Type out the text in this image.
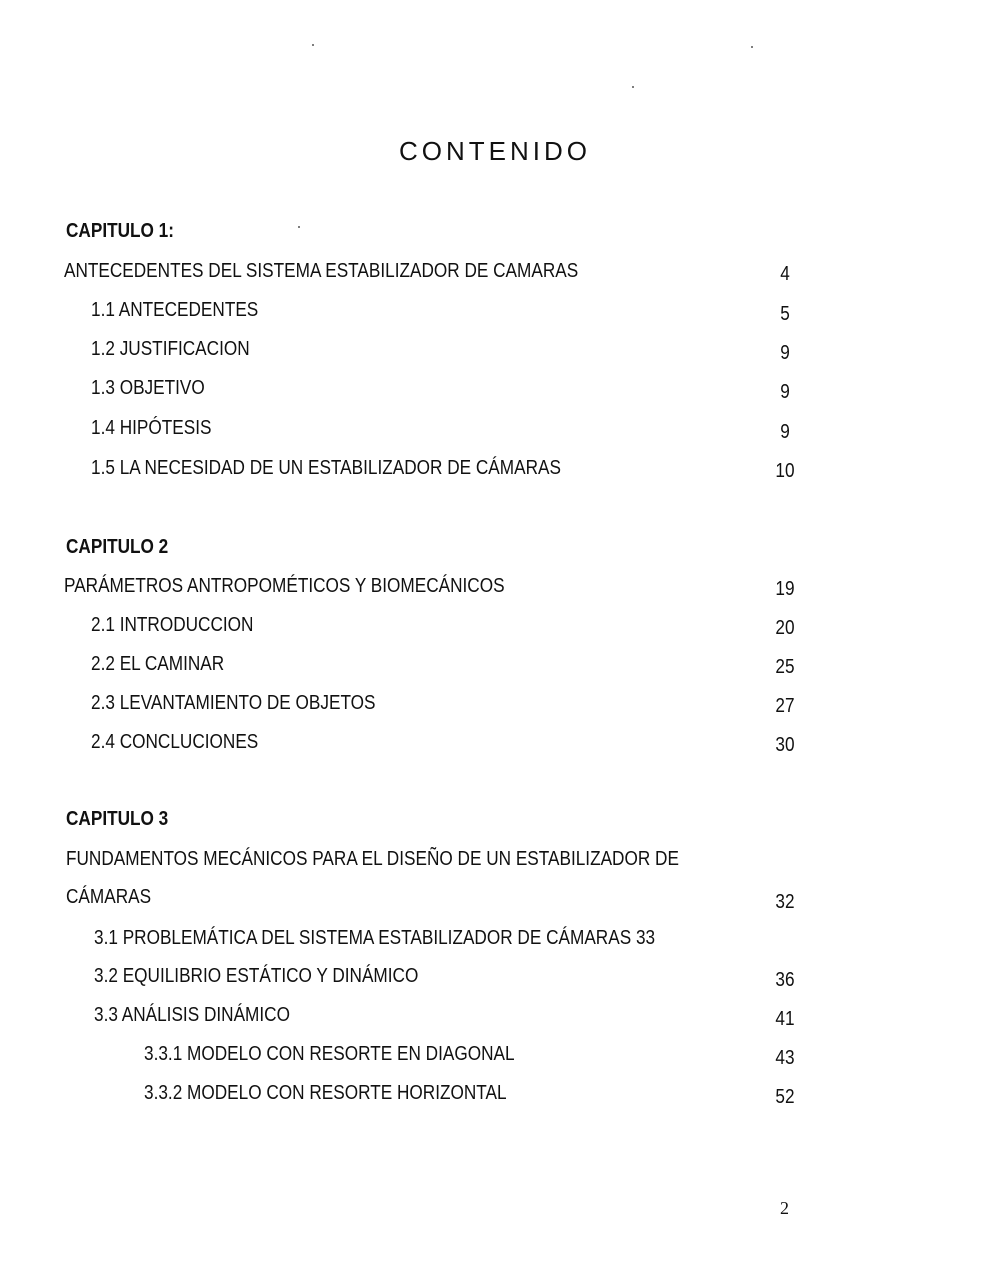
CONTENIDO
CAPITULO 1:
ANTECEDENTES DEL SISTEMA ESTABILIZADOR DE CAMARAS	4
1.1 ANTECEDENTES	5
1.2 JUSTIFICACION	9
1.3 OBJETIVO	9
1.4 HIPÓTESIS	9
1.5 LA NECESIDAD DE UN ESTABILIZADOR DE CÁMARAS	10
CAPITULO 2
PARÁMETROS ANTROPOMÉTICOS Y BIOMECÁNICOS	19
2.1 INTRODUCCION	20
2.2 EL CAMINAR	25
2.3 LEVANTAMIENTO DE OBJETOS	27
2.4 CONCLUCIONES	30
CAPITULO 3
FUNDAMENTOS MECÁNICOS PARA EL DISEÑO DE UN ESTABILIZADOR DE
CÁMARAS	32
3.1 PROBLEMÁTICA DEL SISTEMA ESTABILIZADOR DE CÁMARAS 33
3.2 EQUILIBRIO ESTÁTICO Y DINÁMICO	36
3.3 ANÁLISIS DINÁMICO	41
3.3.1 MODELO CON RESORTE EN DIAGONAL	43
3.3.2 MODELO CON RESORTE HORIZONTAL	52
2
